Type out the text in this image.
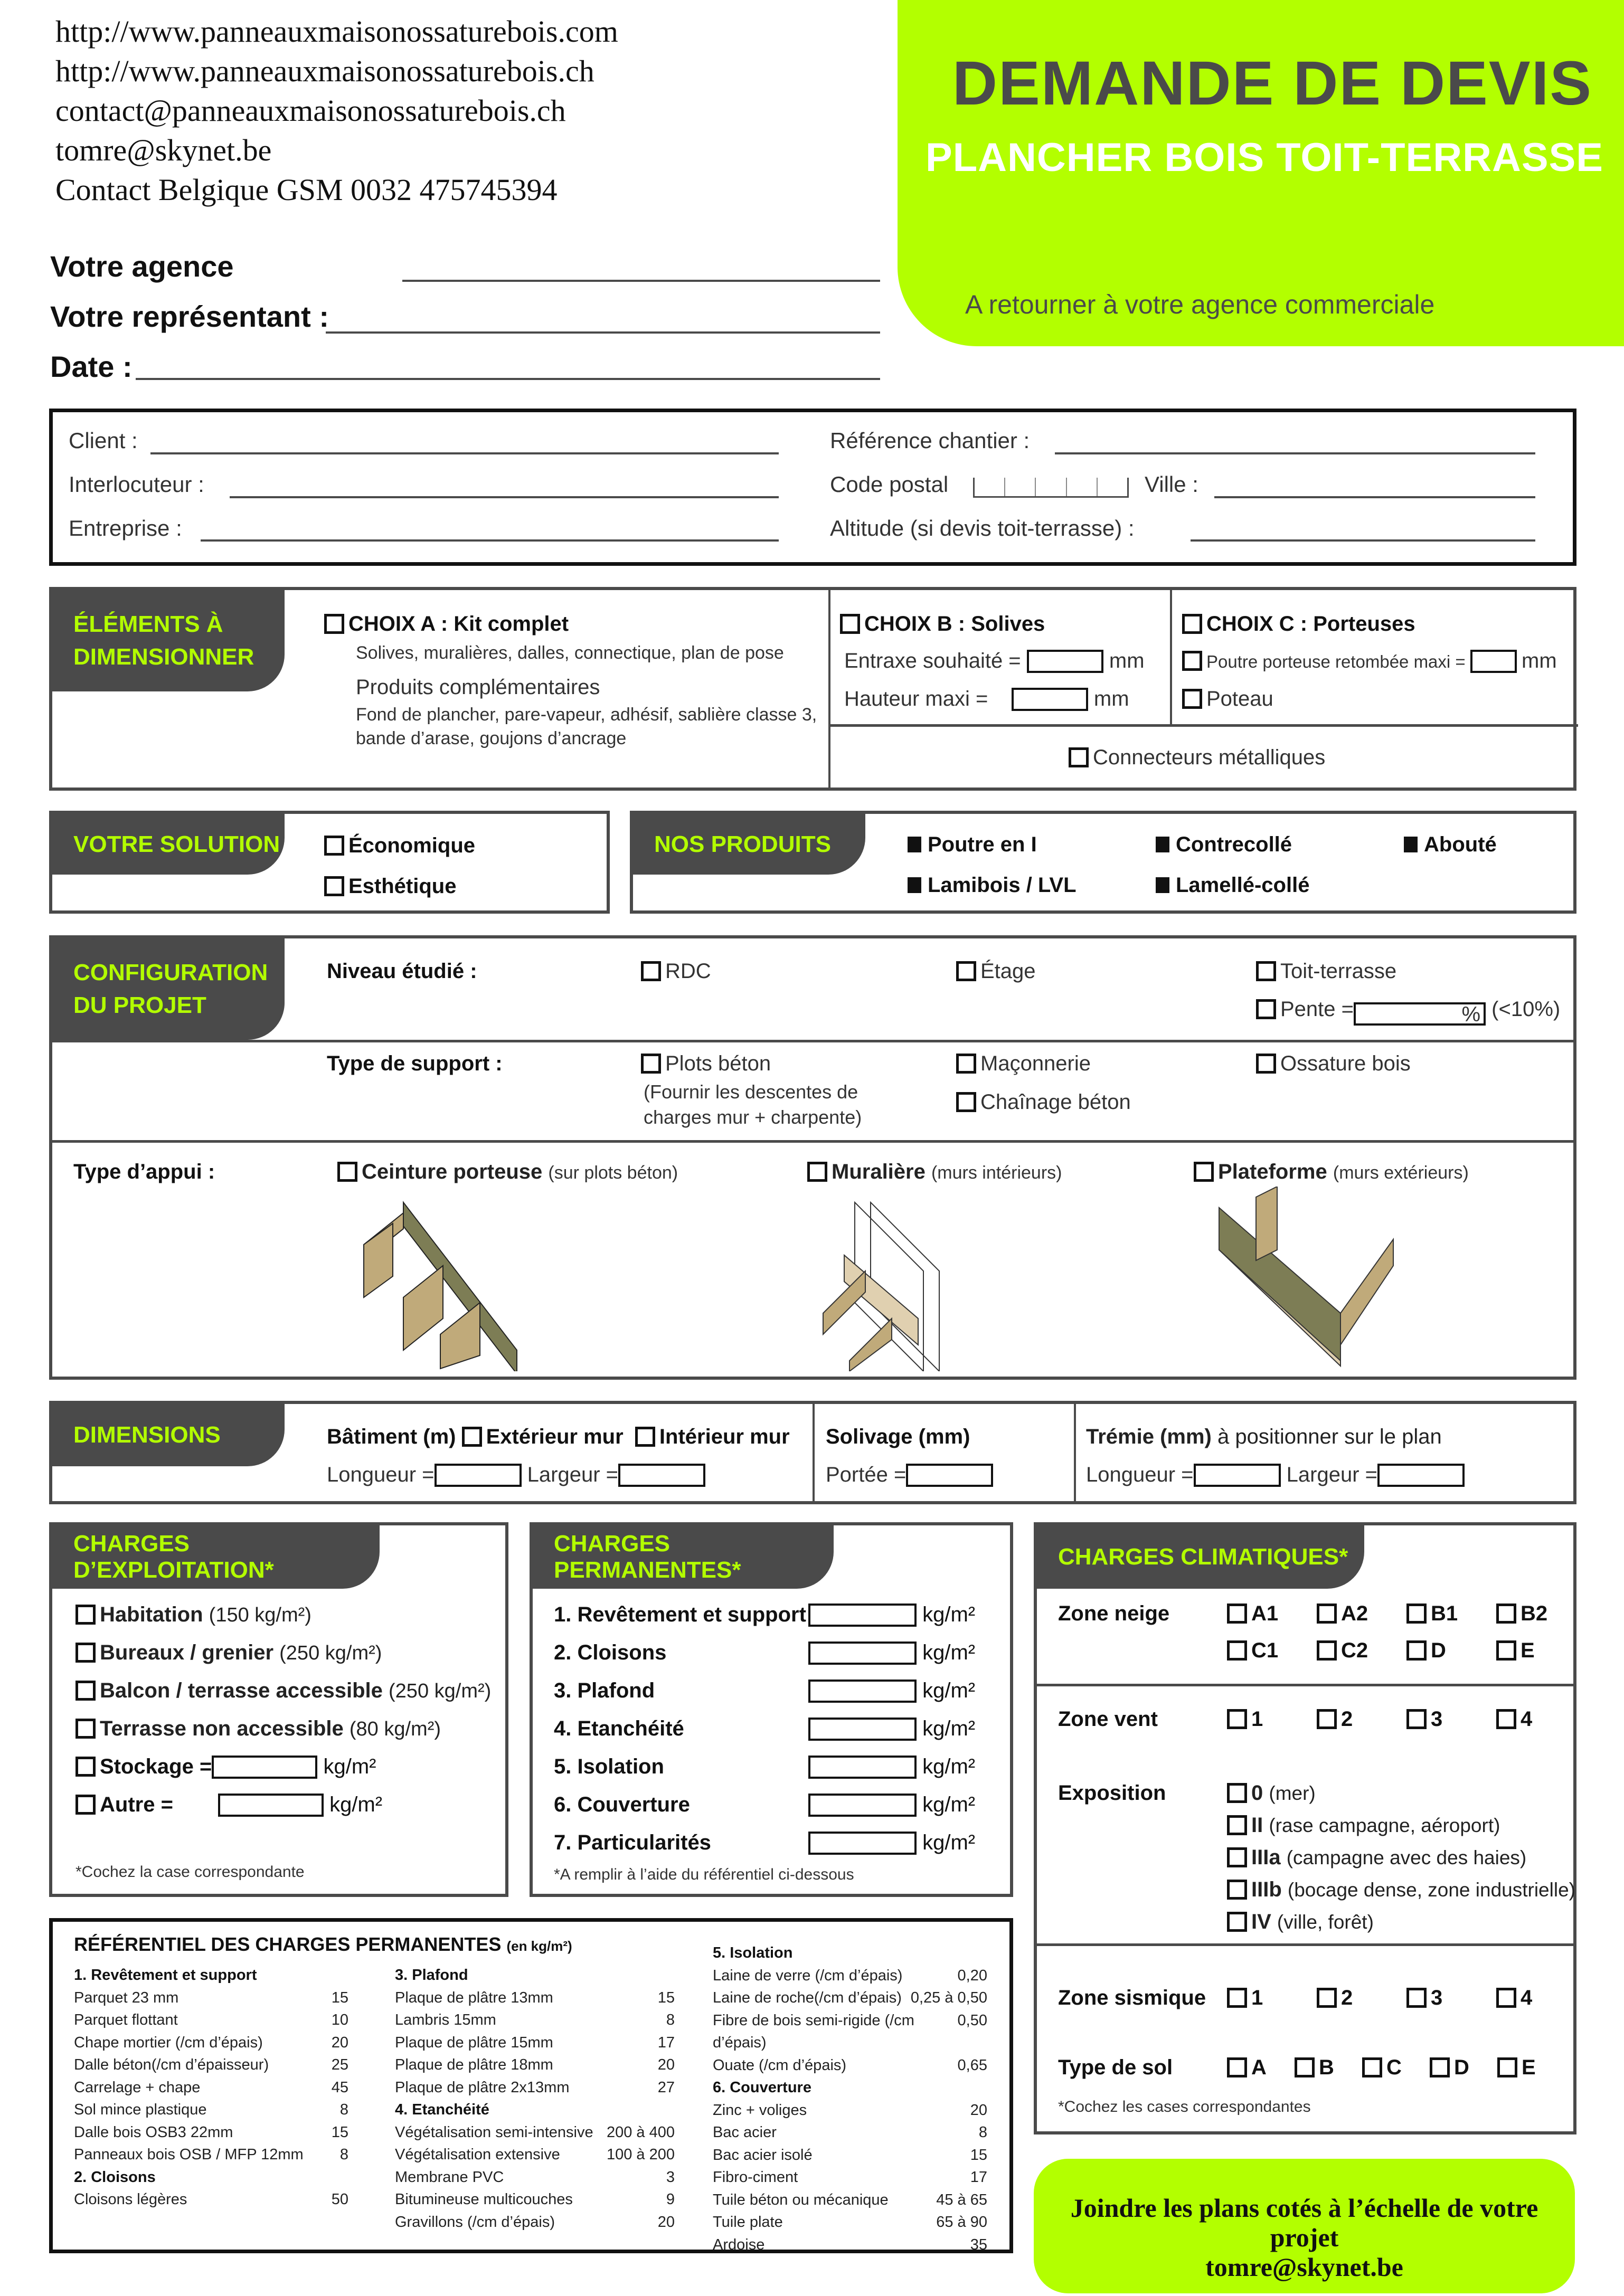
http://www.panneauxmaisonossaturebois.com
http://www.panneauxmaisonossaturebois.ch
contact@panneauxmaisonossaturebois.ch
tomre@skynet.be
Contact Belgique GSM 0032 475745394
DEMANDE DE DEVIS
PLANCHER BOIS TOIT-TERRASSE
A retourner à votre agence commerciale
Votre agence
Votre représentant :
Date :
Client :
Interlocuteur :
Entreprise :
Référence chantier :
Code postal	Ville :
Altitude (si devis toit-terrasse) :
ÉLÉMENTS À
DIMENSIONNER
CHOIX A : Kit complet
Solives, muralières, dalles, connectique, plan de pose
Produits complémentaires
Fond de plancher, pare-vapeur, adhésif, sablière classe 3,
bande d’arase, goujons d’ancrage
CHOIX B : Solives
Entraxe souhaité =	mm
Hauteur maxi =	mm
CHOIX C : Porteuses
Poutre porteuse retombée maxi =	mm
Poteau
Connecteurs métalliques
VOTRE SOLUTION	Économique
Esthétique
NOS PRODUITS	Poutre en I	Contrecollé	Abouté
Lamibois / LVL	Lamellé-collé
CONFIGURATION
DU PROJET
Niveau étudié :	RDC	Étage	Toit-terrasse
Pente =	% (<10%)
Type de support :	Plots béton
(Fournir les descentes de
charges mur + charpente)
Maçonnerie
Chaînage béton
Ossature bois
Type d’appui :	Ceinture porteuse (sur plots béton)	Muralière (murs intérieurs)	Plateforme (murs extérieurs)
DIMENSIONS	Bâtiment (m) Extérieur mur Intérieur mur
Longueur =	Largeur =
Solivage (mm)
Portée =
Trémie (mm) à positionner sur le plan
Longueur =	Largeur =
CHARGES D’EXPLOITATION*
Habitation (150 kg/m²)
Bureaux / grenier (250 kg/m²)
Balcon / terrasse accessible (250 kg/m²)
Terrasse non accessible (80 kg/m²)
Stockage =	kg/m²
Autre =	kg/m²
*Cochez la case correspondante
CHARGES PERMANENTES*
1. Revêtement et support	kg/m²
2. Cloisons	kg/m²
3. Plafond	kg/m²
4. Etanchéité	kg/m²
5. Isolation	kg/m²
6. Couverture	kg/m²
7. Particularités	kg/m²
*A remplir à l’aide du référentiel ci-dessous
CHARGES CLIMATIQUES*
Zone neige	A1	A2	B1	B2
C1	C2	D	E
Zone vent	1	2	3	4
Exposition	0 (mer)
II (rase campagne, aéroport)
IIIa (campagne avec des haies)
IIIb (bocage dense, zone industrielle)
IV (ville, forêt)
Zone sismique	1	2	3	4
Type de sol	A	B	C	D	E
*Cochez les cases correspondantes
RÉFÉRENTIEL DES CHARGES PERMANENTES (en kg/m²)
1. Revêtement et support
Parquet 23 mm	15
Parquet flottant	10
Chape mortier (/cm d’épais)	20
Dalle béton(/cm d’épaisseur)	25
Carrelage + chape	45
Sol mince plastique	8
Dalle bois OSB3 22mm	15
Panneaux bois OSB / MFP 12mm 8
2. Cloisons
Cloisons légères	50
3. Plafond
Plaque de plâtre 13mm	15
Lambris 15mm	8
Plaque de plâtre 15mm	17
Plaque de plâtre 18mm	20
Plaque de plâtre 2x13mm	27
4. Etanchéité
Végétalisation semi-intensive 200 à 400
Végétalisation extensive	100 à 200
Membrane PVC	3
Bitumineuse multicouches	9
Gravillons (/cm d’épais)	20
5. Isolation
Laine de verre (/cm d’épais)	0,20
Laine de roche(/cm d’épais) 0,25 à 0,50
Fibre de bois semi-rigide (/cm d’épais)
0,50
Ouate (/cm d’épais)	0,65
6. Couverture
Zinc + voliges	20
Bac acier	8
Bac acier isolé	15
Fibro-ciment	17
Tuile béton ou mécanique	45 à 65
Tuile plate	65 à 90
Ardoise	35
Joindre les plans cotés à l’échelle de votre projet
tomre@skynet.be
